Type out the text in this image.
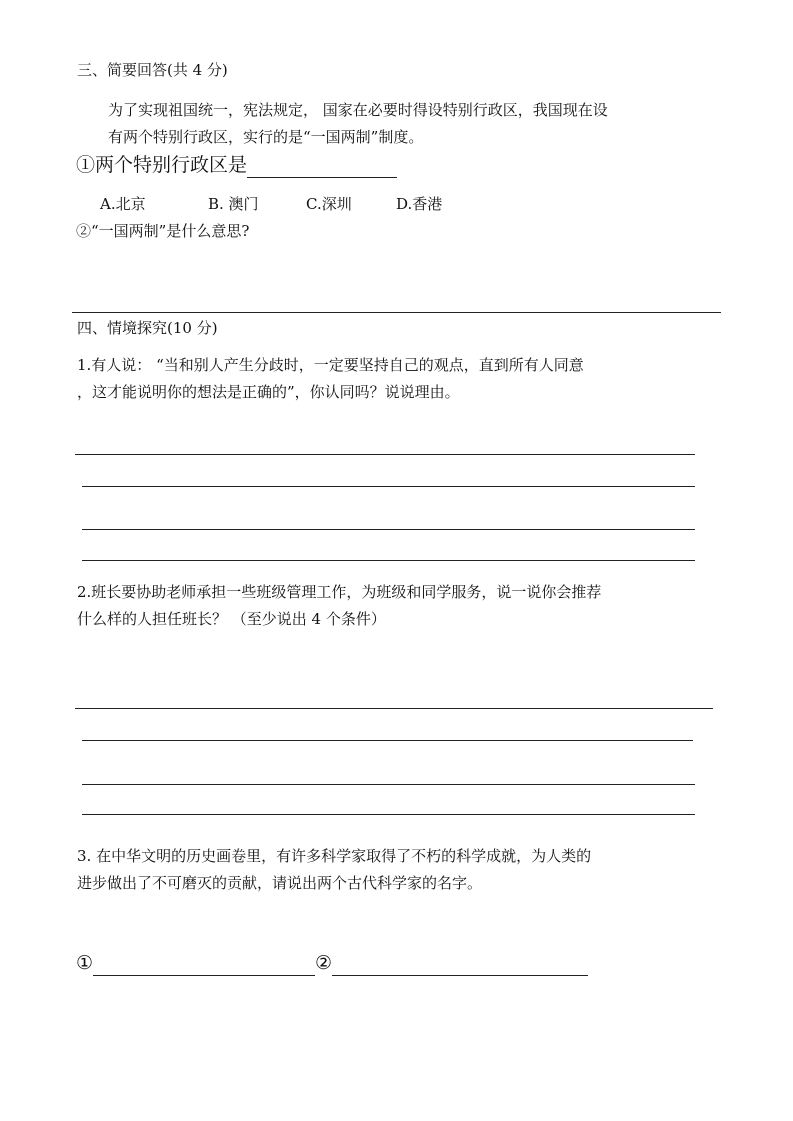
三、简要回答(共 4 分)
为了实现祖国统一，宪法规定， 国家在必要时得设特别行政区，我国现在设
有两个特别行政区，实行的是“一国两制”制度。
①两个特别行政区是
A.北京	B. 澳门	C.深圳	D.香港
②“一国两制”是什么意思?
四、情境探究(10 分)
1.有人说： “当和别人产生分歧时，一定要坚持自己的观点，直到所有人同意
，这才能说明你的想法是正确的”，你认同吗？说说理由。
2.班长要协助老师承担一些班级管理工作，为班级和同学服务，说一说你会推荐
什么样的人担任班长？ （至少说出 4 个条件）
3. 在中华文明的历史画卷里，有许多科学家取得了不朽的科学成就，为人类的
进步做出了不可磨灭的贡献，请说出两个古代科学家的名字。
①	②
